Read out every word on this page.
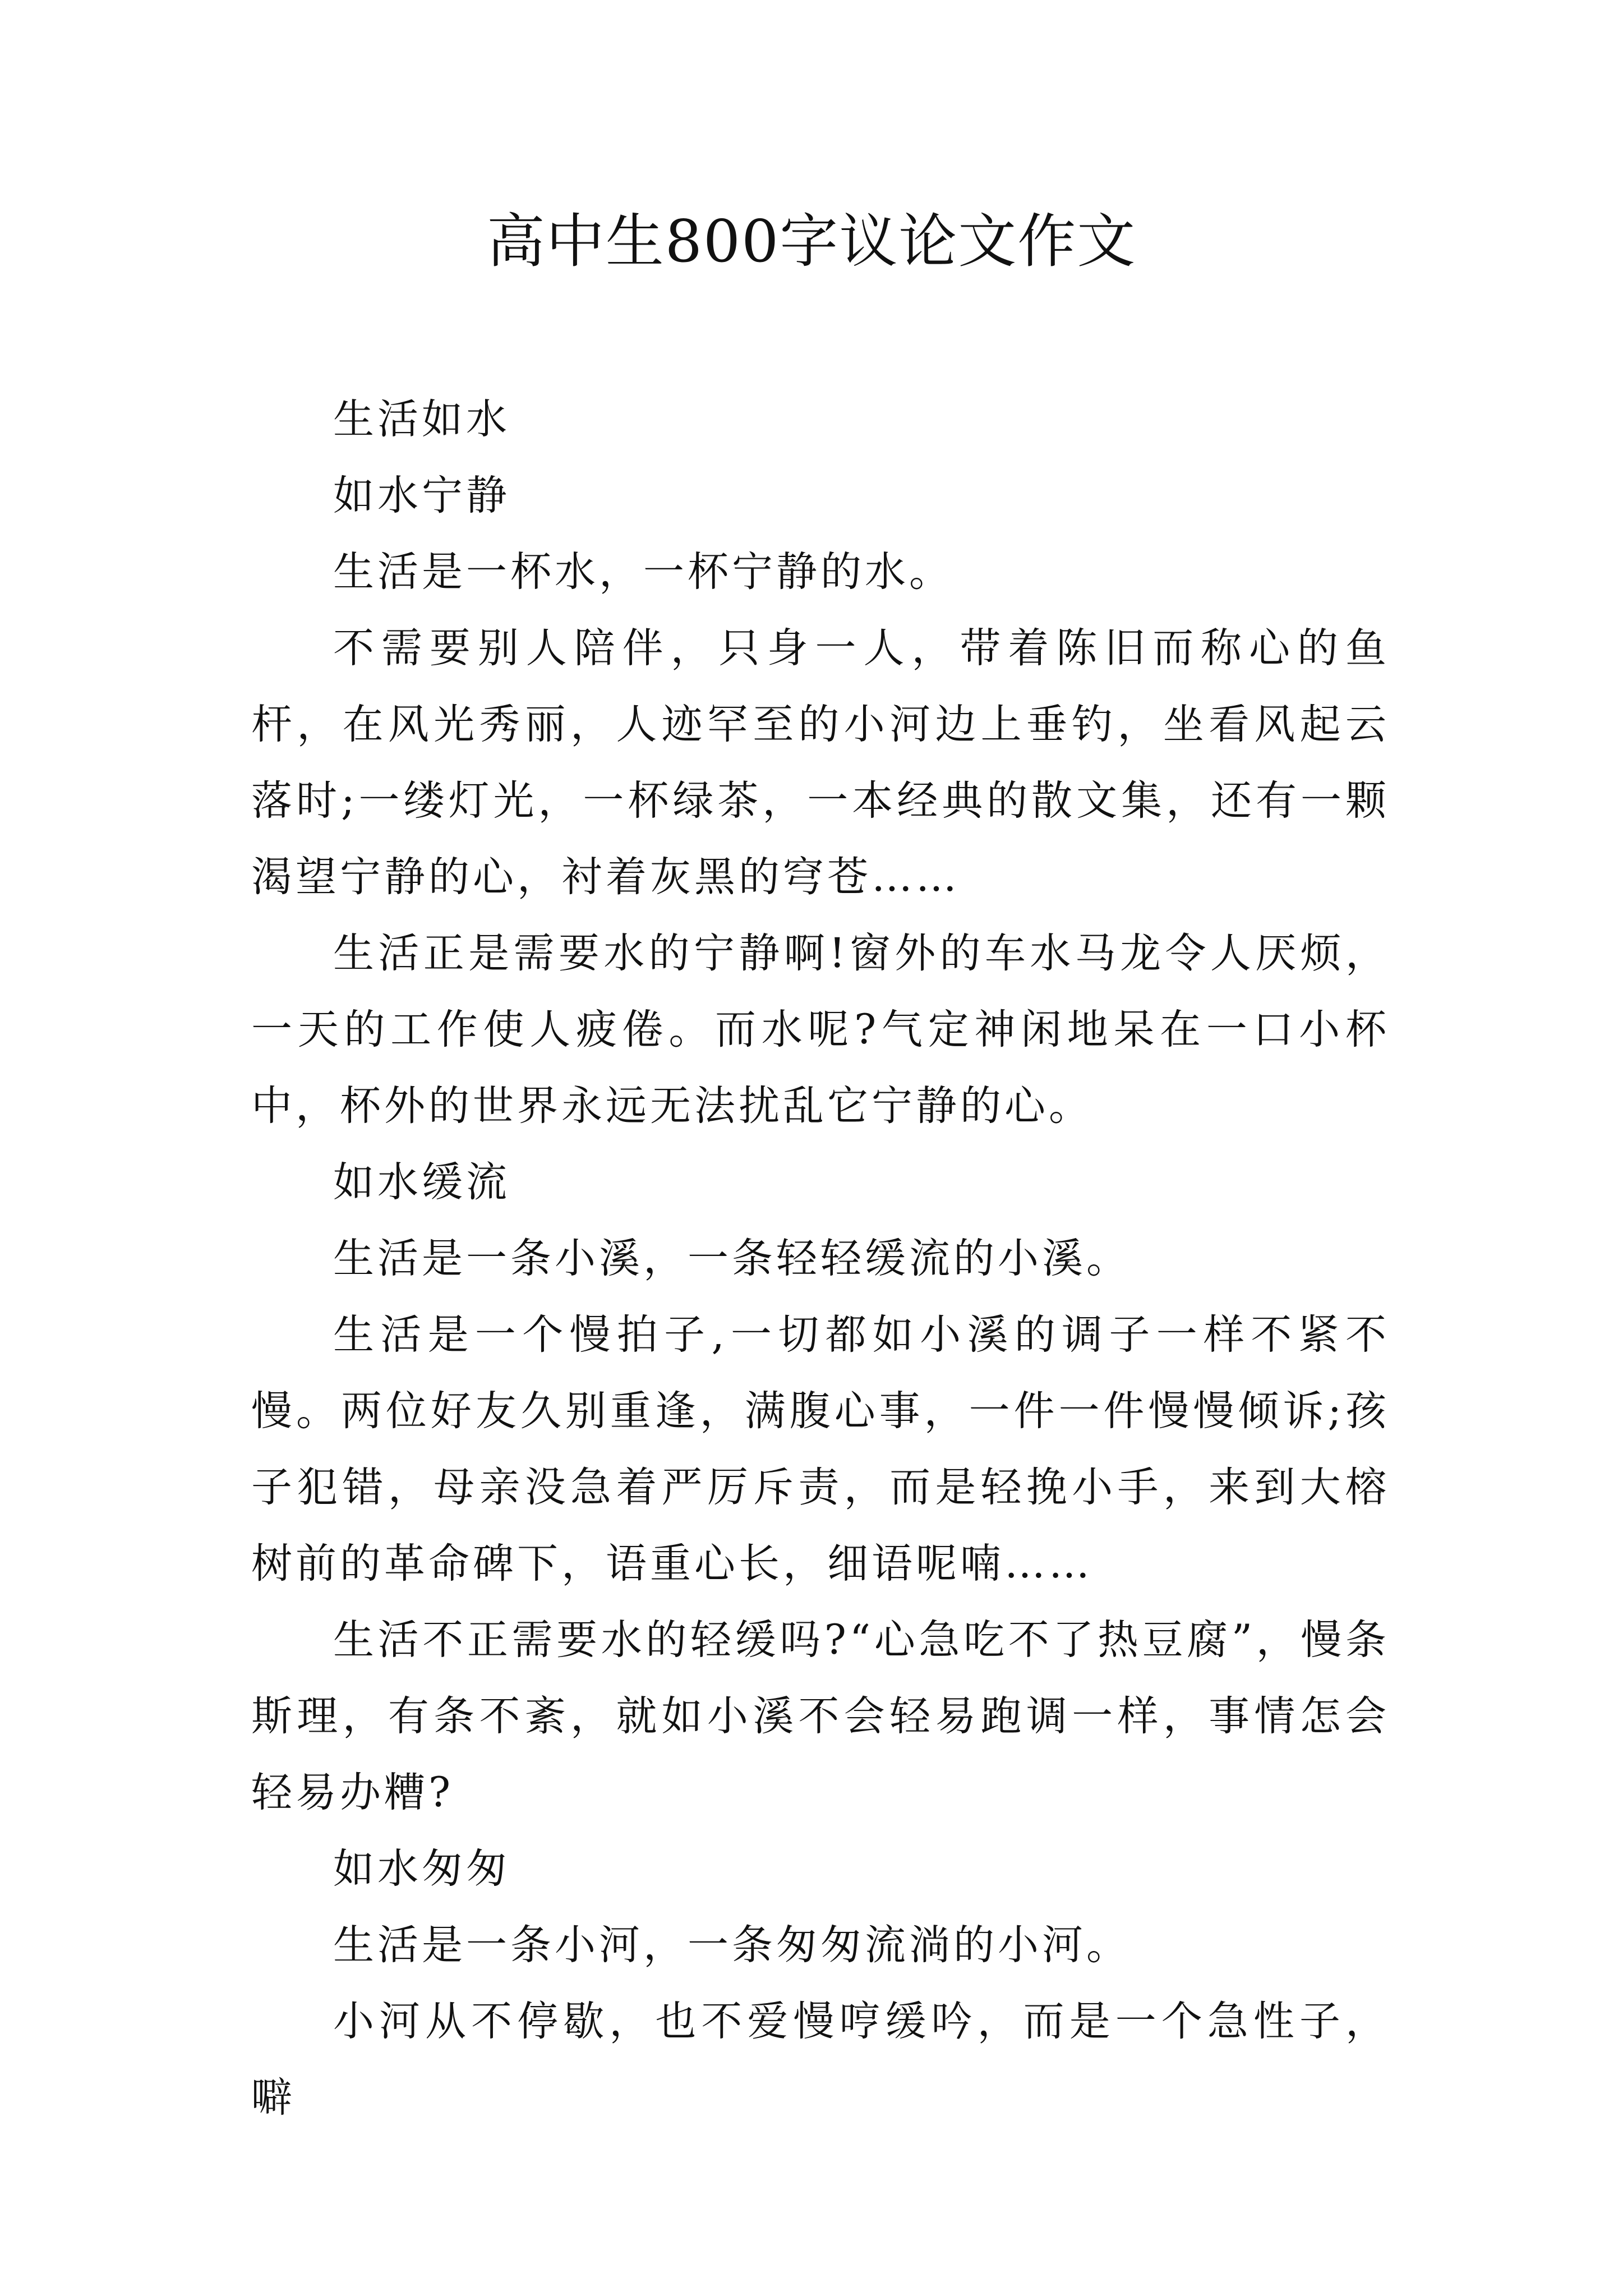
高中生800字议论文作文

生活如水

如水宁静

生活是一杯水，一杯宁静的水。

不需要别人陪伴，只身一人，带着陈旧而称心的鱼杆，在风光秀丽，人迹罕至的小河边上垂钓，坐看风起云落时;一缕灯光，一杯绿茶，一本经典的散文集，还有一颗渴望宁静的心，衬着灰黑的穹苍……

生活正是需要水的宁静啊!窗外的车水马龙令人厌烦，一天的工作使人疲倦。而水呢?气定神闲地呆在一口小杯中，杯外的世界永远无法扰乱它宁静的心。

如水缓流

生活是一条小溪，一条轻轻缓流的小溪。

生活是一个慢拍子,一切都如小溪的调子一样不紧不慢。两位好友久别重逢，满腹心事，一件一件慢慢倾诉;孩子犯错，母亲没急着严厉斥责，而是轻挽小手，来到大榕树前的革命碑下，语重心长，细语呢喃……

生活不正需要水的轻缓吗?“心急吃不了热豆腐”，慢条斯理，有条不紊，就如小溪不会轻易跑调一样，事情怎会轻易办糟?

如水匆匆

生活是一条小河，一条匆匆流淌的小河。

小河从不停歇，也不爱慢哼缓吟，而是一个急性子，噼
